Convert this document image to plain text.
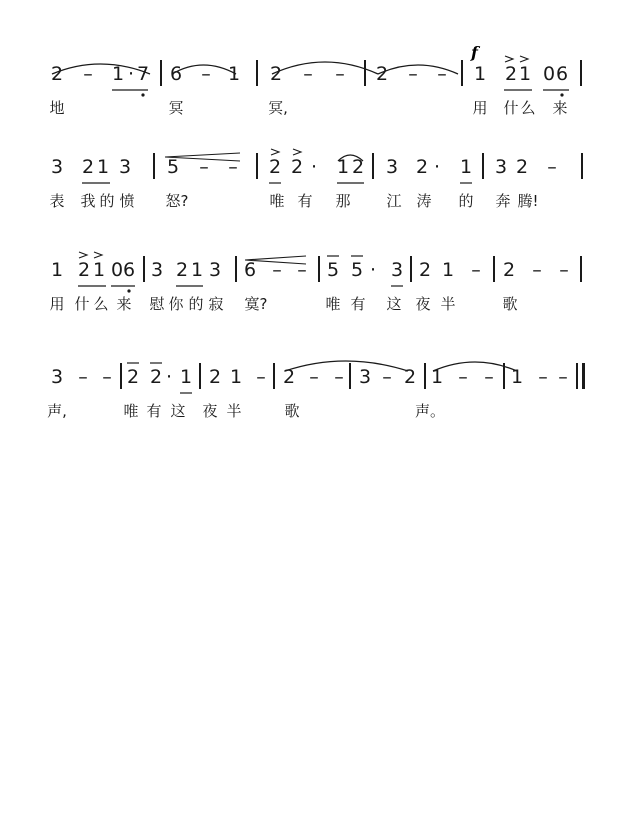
f
2 – 1 · 7 6 – 1 2 – – 2 – – 1 2 1 0 6
地	冥	冥,	用 什 么 来
3 2 1 3 5 – – 2 2 · 1 2 3 2 · 1 3 2 –
表 我 的 愤 怒?	唯 有 那 江 涛 的 奔 腾!
1 2 1 0 6 3 2 1 3 6 – – 5 5 · 3 2 1 – 2 – –
用 什 么 来 慰 你 的 寂 寞?	唯 有 这 夜 半	歌
3 – – 2 2 · 1 2 1 – 2 – – 3 – 2 1 – – 1 – –
声,	唯 有 这 夜 半	歌	声。
